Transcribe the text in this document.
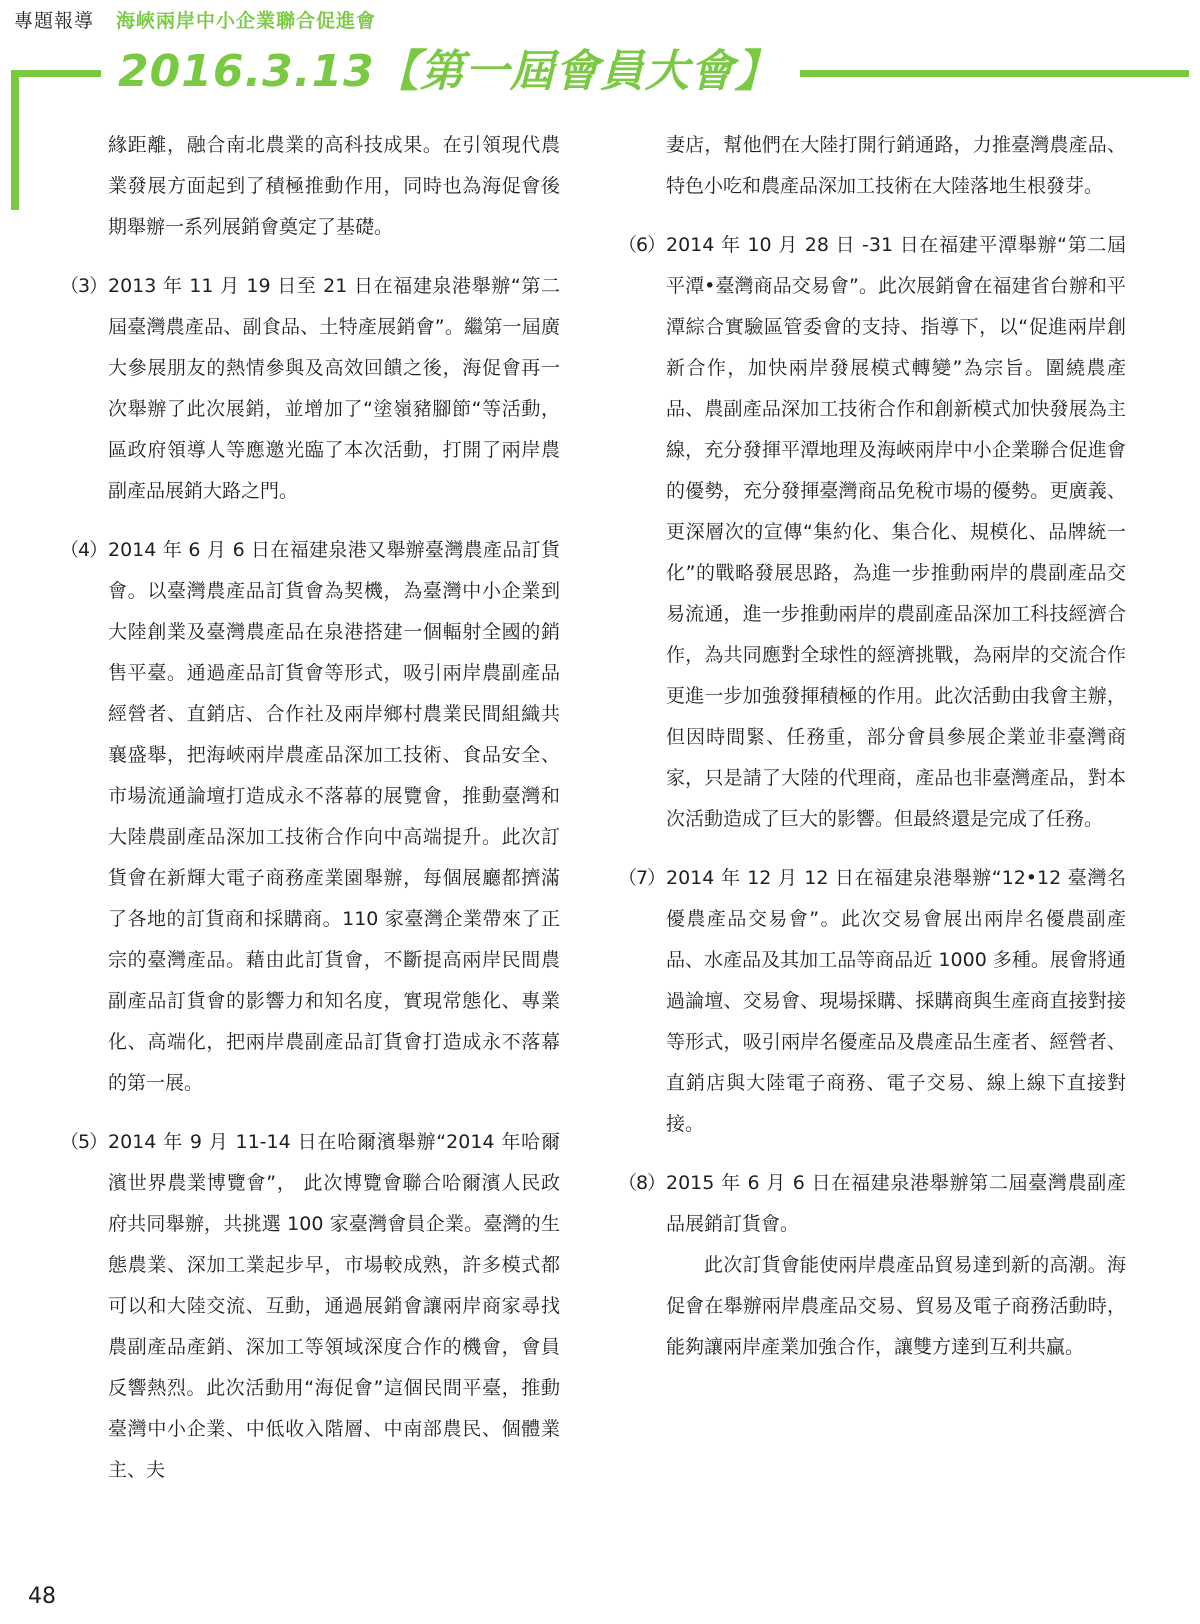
專題報導 海峽兩岸中小企業聯合促進會
2016.3.13【第一屆會員大會】

緣距離，融合南北農業的高科技成果。在引領現代農業發展方面起到了積極推動作用，同時也為海促會後期舉辦一系列展銷會奠定了基礎。

（3） 2013 年 11 月 19 日至 21 日在福建泉港舉辦“第二屆臺灣農產品、副食品、土特產展銷會”。繼第一屆廣大參展朋友的熱情參與及高效回饋之後，海促會再一次舉辦了此次展銷，並增加了“塗嶺豬腳節“等活動，區政府領導人等應邀光臨了本次活動，打開了兩岸農副產品展銷大路之門。
（4） 2014 年 6 月 6 日在福建泉港又舉辦臺灣農產品訂貨會。以臺灣農產品訂貨會為契機，為臺灣中小企業到大陸創業及臺灣農產品在泉港搭建一個輻射全國的銷售平臺。通過產品訂貨會等形式，吸引兩岸農副產品經營者、直銷店、合作社及兩岸鄉村農業民間組織共襄盛舉，把海峽兩岸農產品深加工技術、食品安全、市場流通論壇打造成永不落幕的展覽會，推動臺灣和大陸農副產品深加工技術合作向中高端提升。此次訂貨會在新輝大電子商務產業園舉辦，每個展廳都擠滿了各地的訂貨商和採購商。110 家臺灣企業帶來了正宗的臺灣產品。藉由此訂貨會，不斷提高兩岸民間農副產品訂貨會的影響力和知名度，實現常態化、專業化、高端化，把兩岸農副產品訂貨會打造成永不落幕的第一展。
（5） 2014 年 9 月 11-14 日在哈爾濱舉辦“2014 年哈爾濱世界農業博覽會”， 此次博覽會聯合哈爾濱人民政府共同舉辦，共挑選 100 家臺灣會員企業。臺灣的生態農業、深加工業起步早，市場較成熟，許多模式都可以和大陸交流、互動，通過展銷會讓兩岸商家尋找農副產品產銷、深加工等領域深度合作的機會，會員反響熱烈。此次活動用“海促會”這個民間平臺，推動臺灣中小企業、中低收入階層、中南部農民、個體業主、夫

妻店，幫他們在大陸打開行銷通路，力推臺灣農產品、特色小吃和農產品深加工技術在大陸落地生根發芽。

（6） 2014 年 10 月 28 日 -31 日在福建平潭舉辦“第二屆平潭•臺灣商品交易會”。此次展銷會在福建省台辦和平潭綜合實驗區管委會的支持、指導下，以“促進兩岸創新合作，加快兩岸發展模式轉變”為宗旨。圍繞農產品、農副產品深加工技術合作和創新模式加快發展為主線，充分發揮平潭地理及海峽兩岸中小企業聯合促進會的優勢，充分發揮臺灣商品免稅市場的優勢。更廣義、更深層次的宣傳“集約化、集合化、規模化、品牌統一化”的戰略發展思路，為進一步推動兩岸的農副產品交易流通，進一步推動兩岸的農副產品深加工科技經濟合作，為共同應對全球性的經濟挑戰，為兩岸的交流合作更進一步加強發揮積極的作用。此次活動由我會主辦，但因時間緊、任務重，部分會員參展企業並非臺灣商家，只是請了大陸的代理商，產品也非臺灣產品，對本次活動造成了巨大的影響。但最終還是完成了任務。
（7） 2014 年 12 月 12 日在福建泉港舉辦“12•12 臺灣名優農產品交易會”。此次交易會展出兩岸名優農副產品、水產品及其加工品等商品近 1000 多種。展會將通過論壇、交易會、現場採購、採購商與生產商直接對接等形式，吸引兩岸名優產品及農產品生產者、經營者、直銷店與大陸電子商務、電子交易、線上線下直接對接。
（8） 2015 年 6 月 6 日在福建泉港舉辦第二屆臺灣農副產品展銷訂貨會。

此次訂貨會能使兩岸農產品貿易達到新的高潮。海促會在舉辦兩岸農產品交易、貿易及電子商務活動時，能夠讓兩岸產業加強合作，讓雙方達到互利共贏。

48
